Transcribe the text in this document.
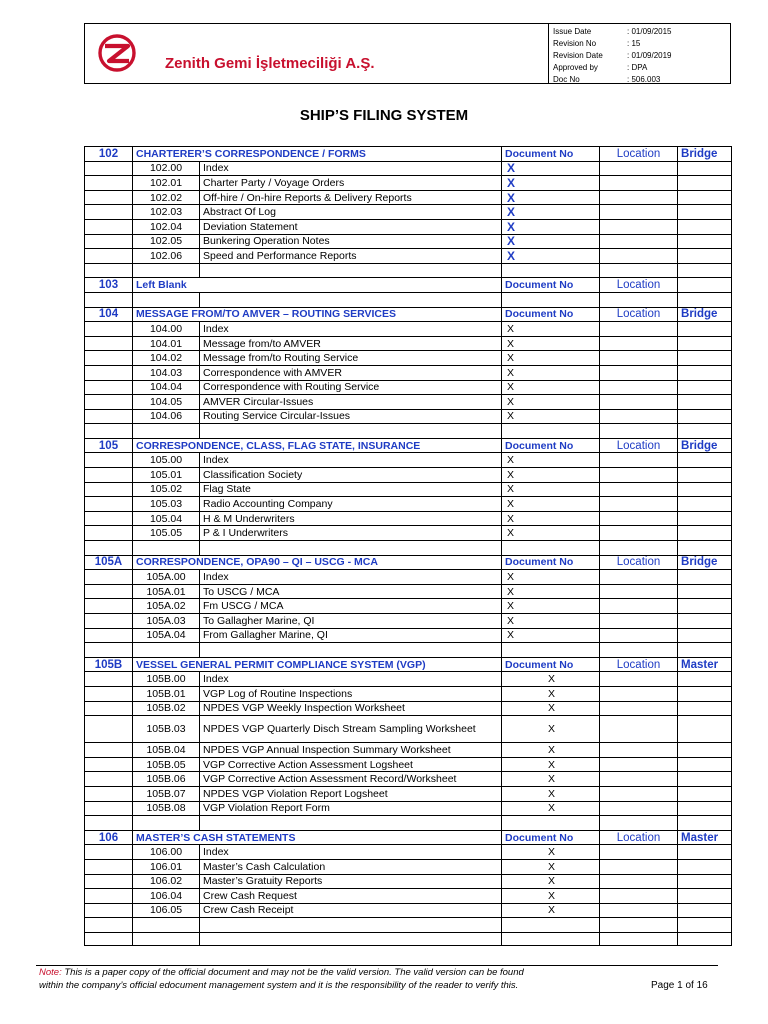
Zenith Gemi İşletmeciliği A.Ş.
Issue Date	: 01/09/2015
Revision No	: 15
Revision Date	: 01/09/2019
Approved by	: DPA
Doc No	: 506.003
SHIP’S FILING SYSTEM
102	CHARTERER’S CORRESPONDENCE / FORMS		Document No	Location	Bridge
	102.00	Index	X		
	102.01	Charter Party / Voyage Orders	X		
	102.02	Off-hire / On-hire Reports & Delivery Reports	X		
	102.03	Abstract Of Log	X		
	102.04	Deviation Statement	X		
	102.05	Bunkering Operation Notes	X		
	102.06	Speed and Performance Reports	X		

103	Left Blank		Document No	Location	

104	MESSAGE FROM/TO AMVER – ROUTING SERVICES		Document No	Location	Bridge
	104.00	Index	X		
	104.01	Message from/to AMVER	X		
	104.02	Message from/to Routing Service	X		
	104.03	Correspondence with AMVER	X		
	104.04	Correspondence with Routing Service	X		
	104.05	AMVER Circular-Issues	X		
	104.06	Routing Service Circular-Issues	X		

105	CORRESPONDENCE, CLASS, FLAG STATE, INSURANCE		Document No	Location	Bridge
	105.00	Index	X		
	105.01	Classification Society	X		
	105.02	Flag State	X		
	105.03	Radio Accounting Company	X		
	105.04	H & M Underwriters	X		
	105.05	P & I Underwriters	X		

105A	CORRESPONDENCE, OPA90 – QI – USCG - MCA		Document No	Location	Bridge
	105A.00	Index	X		
	105A.01	To USCG / MCA	X		
	105A.02	Fm USCG / MCA	X		
	105A.03	To Gallagher Marine, QI	X		
	105A.04	From Gallagher Marine, QI	X		

105B	VESSEL GENERAL PERMIT COMPLIANCE SYSTEM (VGP)		Document No	Location	Master
	105B.00	Index	X		
	105B.01	VGP Log of Routine Inspections	X		
	105B.02	NPDES VGP Weekly Inspection Worksheet	X		
	105B.03	NPDES VGP Quarterly Disch Stream Sampling Worksheet	X		
	105B.04	NPDES VGP Annual Inspection Summary Worksheet	X		
	105B.05	VGP Corrective Action Assessment Logsheet	X		
	105B.06	VGP Corrective Action Assessment Record/Worksheet	X		
	105B.07	NPDES VGP Violation Report Logsheet	X		
	105B.08	VGP Violation Report Form	X		

106	MASTER’S CASH STATEMENTS		Document No	Location	Master
	106.00	Index	X		
	106.01	Master’s Cash Calculation	X		
	106.02	Master’s Gratuity Reports	X		
	106.04	Crew Cash Request	X		
	106.05	Crew Cash Receipt	X		

Note: This is a paper copy of the official document and may not be the valid version. The valid version can be found
within the company’s official edocument management system and it is the responsibility of the reader to verify this.	Page 1 of 16
